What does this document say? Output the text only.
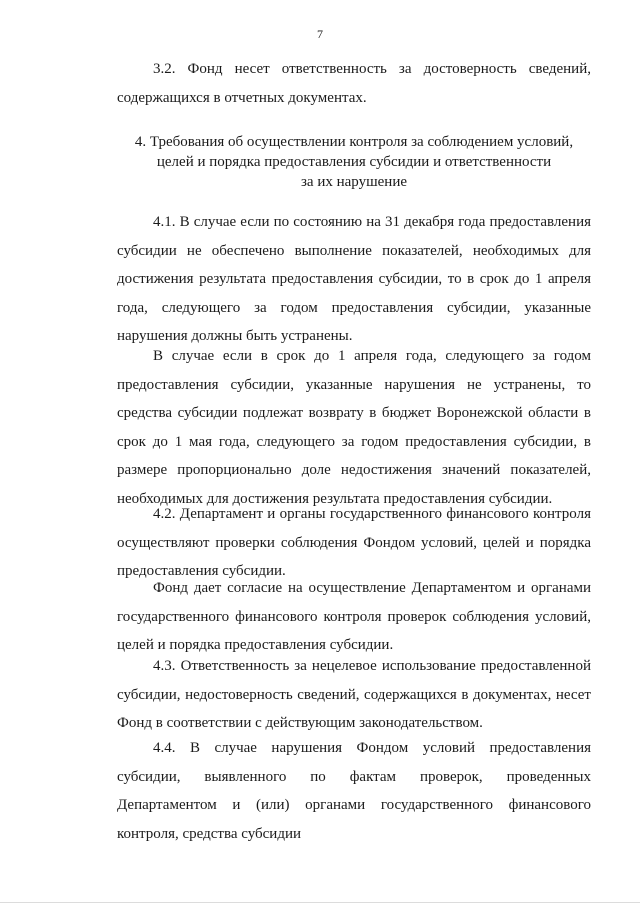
7

3.2. Фонд несет ответственность за достоверность сведений, содержащихся в отчетных документах.

4. Требования об осуществлении контроля за соблюдением условий,
целей и порядка предоставления субсидии и ответственности
за их нарушение

4.1. В случае если по состоянию на 31 декабря года предоставления субсидии не обеспечено выполнение показателей, необходимых для достижения результата предоставления субсидии, то в срок до 1 апреля года, следующего за годом предоставления субсидии, указанные нарушения должны быть устранены.

В случае если в срок до 1 апреля года, следующего за годом предоставления субсидии, указанные нарушения не устранены, то средства субсидии подлежат возврату в бюджет Воронежской области в срок до 1 мая года, следующего за годом предоставления субсидии, в размере пропорционально доле недостижения значений показателей, необходимых для достижения результата предоставления субсидии.

4.2. Департамент и органы государственного финансового контроля осуществляют проверки соблюдения Фондом условий, целей и порядка предоставления субсидии.

Фонд дает согласие на осуществление Департаментом и органами государственного финансового контроля проверок соблюдения условий, целей и порядка предоставления субсидии.

4.3. Ответственность за нецелевое использование предоставленной субсидии, недостоверность сведений, содержащихся в документах, несет Фонд в соответствии с действующим законодательством.

4.4. В случае нарушения Фондом условий предоставления субсидии, выявленного по фактам проверок, проведенных Департаментом и (или) органами государственного финансового контроля, средства субсидии
